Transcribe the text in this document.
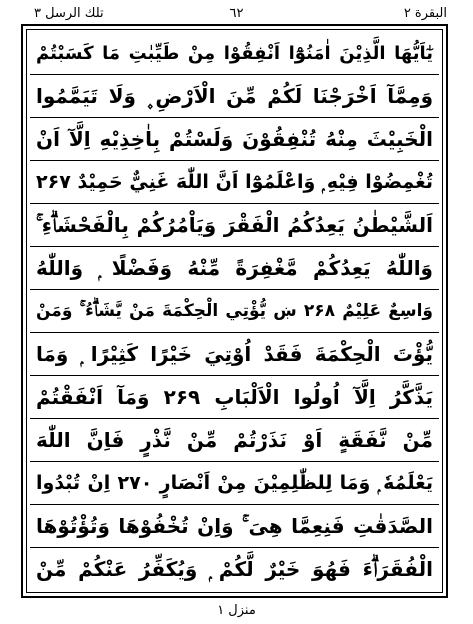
البقرة ۲
٦٢
تلك الرسل ۳
يٰٓاَيُّهَا الَّذِيْنَ اٰمَنُوْٓا اَنْفِقُوْا مِنْ طَيِّبٰتِ مَا كَسَبْتُمْ
وَمِمَّآ اَخْرَجْنَا لَكُمْ مِّنَ الْاَرْضِ ۪ وَلَا تَيَمَّمُوا
الْخَبِيْثَ مِنْهُ تُنْفِقُوْنَ وَلَسْتُمْ بِاٰخِذِيْهِ اِلَّآ اَنْ
تُغْمِضُوْا فِيْهِ ۭ وَاعْلَمُوْٓا اَنَّ اللّٰهَ غَنِيٌّ حَمِيْدٌ ۲۶۷
اَلشَّيْطٰنُ يَعِدُكُمُ الْفَقْرَ وَيَاْمُرُكُمْ بِالْفَحْشَاۗءِ ۚ
وَاللّٰهُ يَعِدُكُمْ مَّغْفِرَةً مِّنْهُ وَفَضْلًا ۭ وَاللّٰهُ
وَاسِعٌ عَلِيْمٌ ۲۶۸ ښ يُّؤْتِي الْحِكْمَةَ مَنْ يَّشَاۗءُ ۚ وَمَنْ
يُّؤْتَ الْحِكْمَةَ فَقَدْ اُوْتِيَ خَيْرًا كَثِيْرًا ۭ وَمَا
يَذَّكَّرُ اِلَّآ اُولُوا الْاَلْبَابِ ۲۶۹ وَمَآ اَنْفَقْتُمْ
مِّنْ نَّفَقَةٍ اَوْ نَذَرْتُمْ مِّنْ نَّذْرٍ فَاِنَّ اللّٰهَ
يَعْلَمُهٗ ۭ وَمَا لِلظّٰلِمِيْنَ مِنْ اَنْصَارٍ ۲۷۰ اِنْ تُبْدُوا
الصَّدَقٰتِ فَنِعِمَّا هِىَ ۚ وَاِنْ تُخْفُوْهَا وَتُؤْتُوْهَا
الْفُقَرَاۗءَ فَهُوَ خَيْرٌ لَّكُمْ ۭ وَيُكَفِّرُ عَنْكُمْ مِّنْ
منزل ۱
